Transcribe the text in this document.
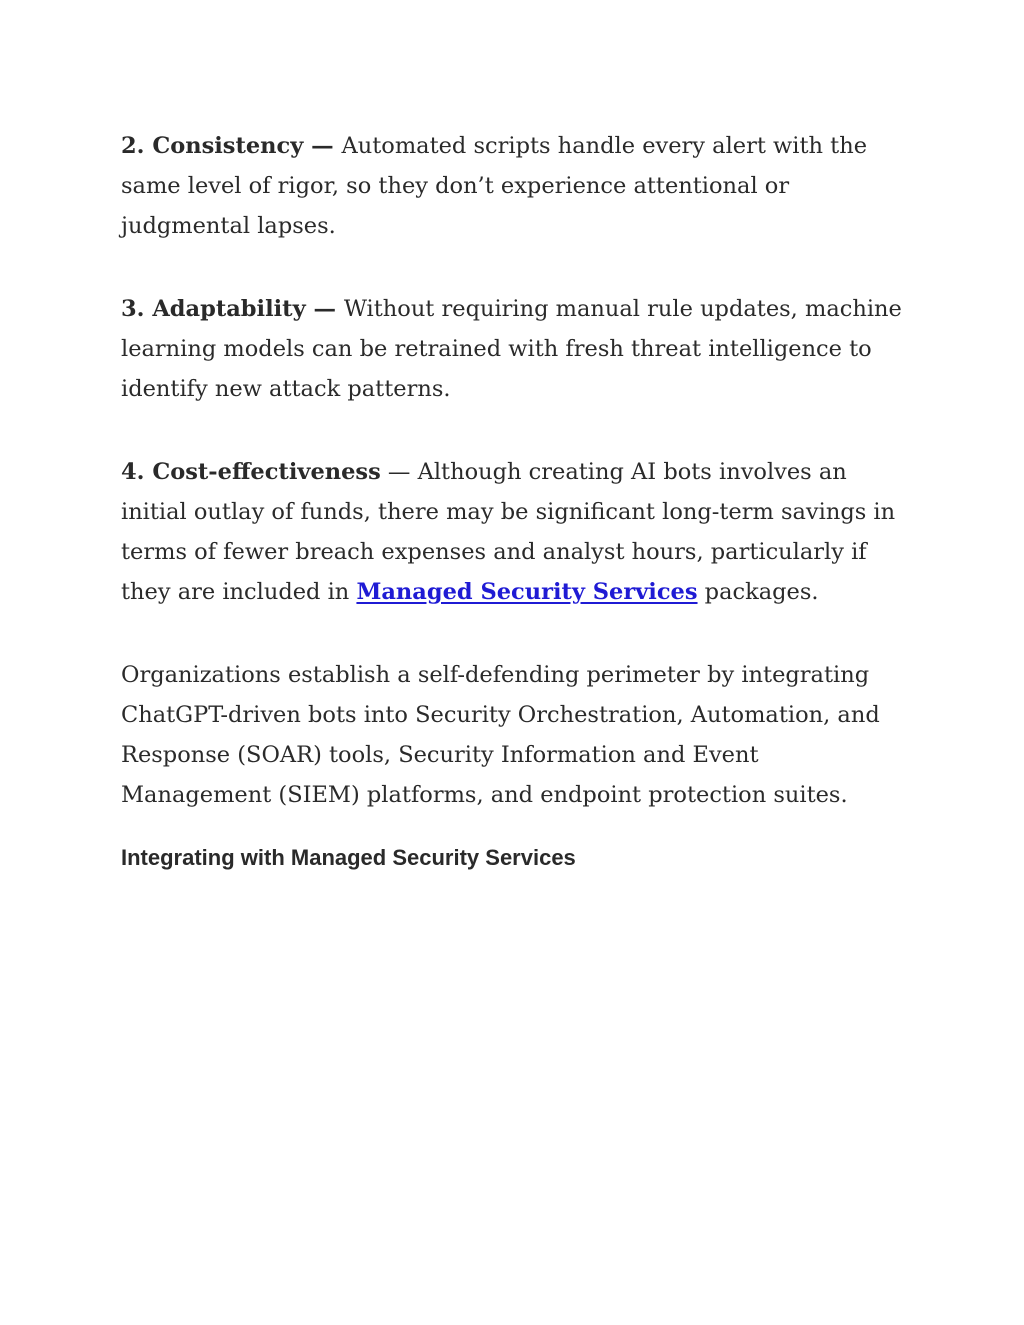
2. Consistency — Automated scripts handle every alert with the same level of rigor, so they don’t experience attentional or judgmental lapses.

3. Adaptability — Without requiring manual rule updates, machine learning models can be retrained with fresh threat intelligence to identify new attack patterns.

4. Cost-effectiveness — Although creating AI bots involves an initial outlay of funds, there may be significant long-term savings in terms of fewer breach expenses and analyst hours, particularly if they are included in Managed Security Services packages.

Organizations establish a self-defending perimeter by integrating ChatGPT-driven bots into Security Orchestration, Automation, and Response (SOAR) tools, Security Information and Event Management (SIEM) platforms, and endpoint protection suites.

Integrating with Managed Security Services
